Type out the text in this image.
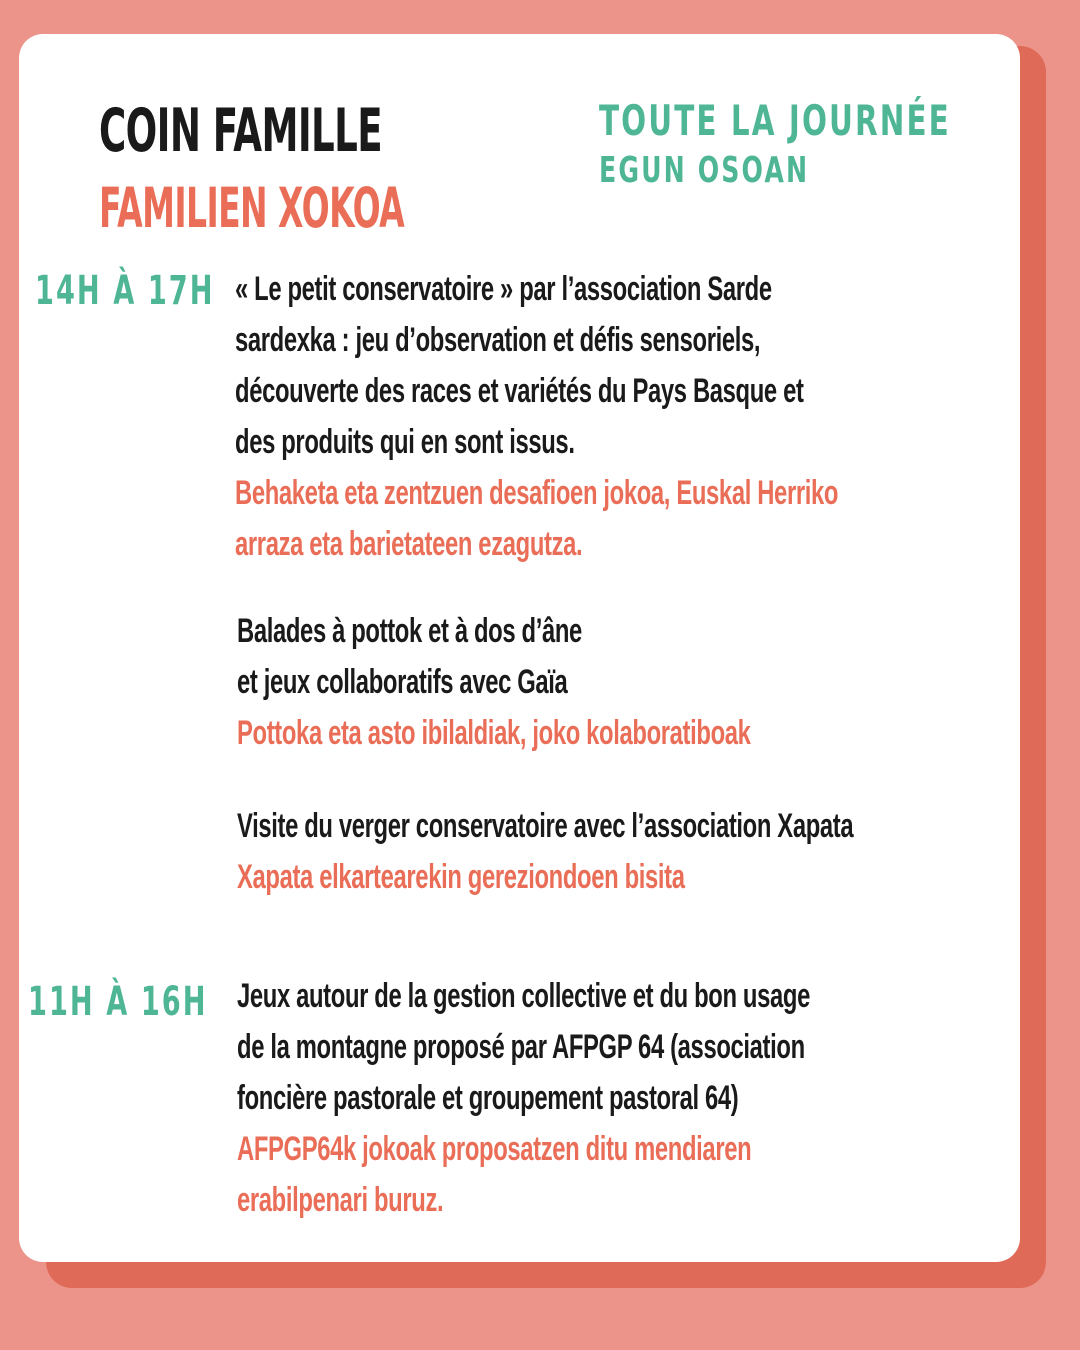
COIN FAMILLE
FAMILIEN XOKOA
TOUTE LA JOURNÉE
EGUN OSOAN
14H À 17H « Le petit conservatoire » par l’association Sarde
sardexka : jeu d’observation et défis sensoriels,
découverte des races et variétés du Pays Basque et
des produits qui en sont issus.
Behaketa eta zentzuen desafioen jokoa, Euskal Herriko
arraza eta barietateen ezagutza.
Balades à pottok et à dos d’âne
et jeux collaboratifs avec Gaïa
Pottoka eta asto ibilaldiak, joko kolaboratiboak
Visite du verger conservatoire avec l’association Xapata
Xapata elkartearekin gereziondoen bisita
11H À 16H Jeux autour de la gestion collective et du bon usage
de la montagne proposé par AFPGP 64 (association
foncière pastorale et groupement pastoral 64)
AFPGP64k jokoak proposatzen ditu mendiaren
erabilpenari buruz.
